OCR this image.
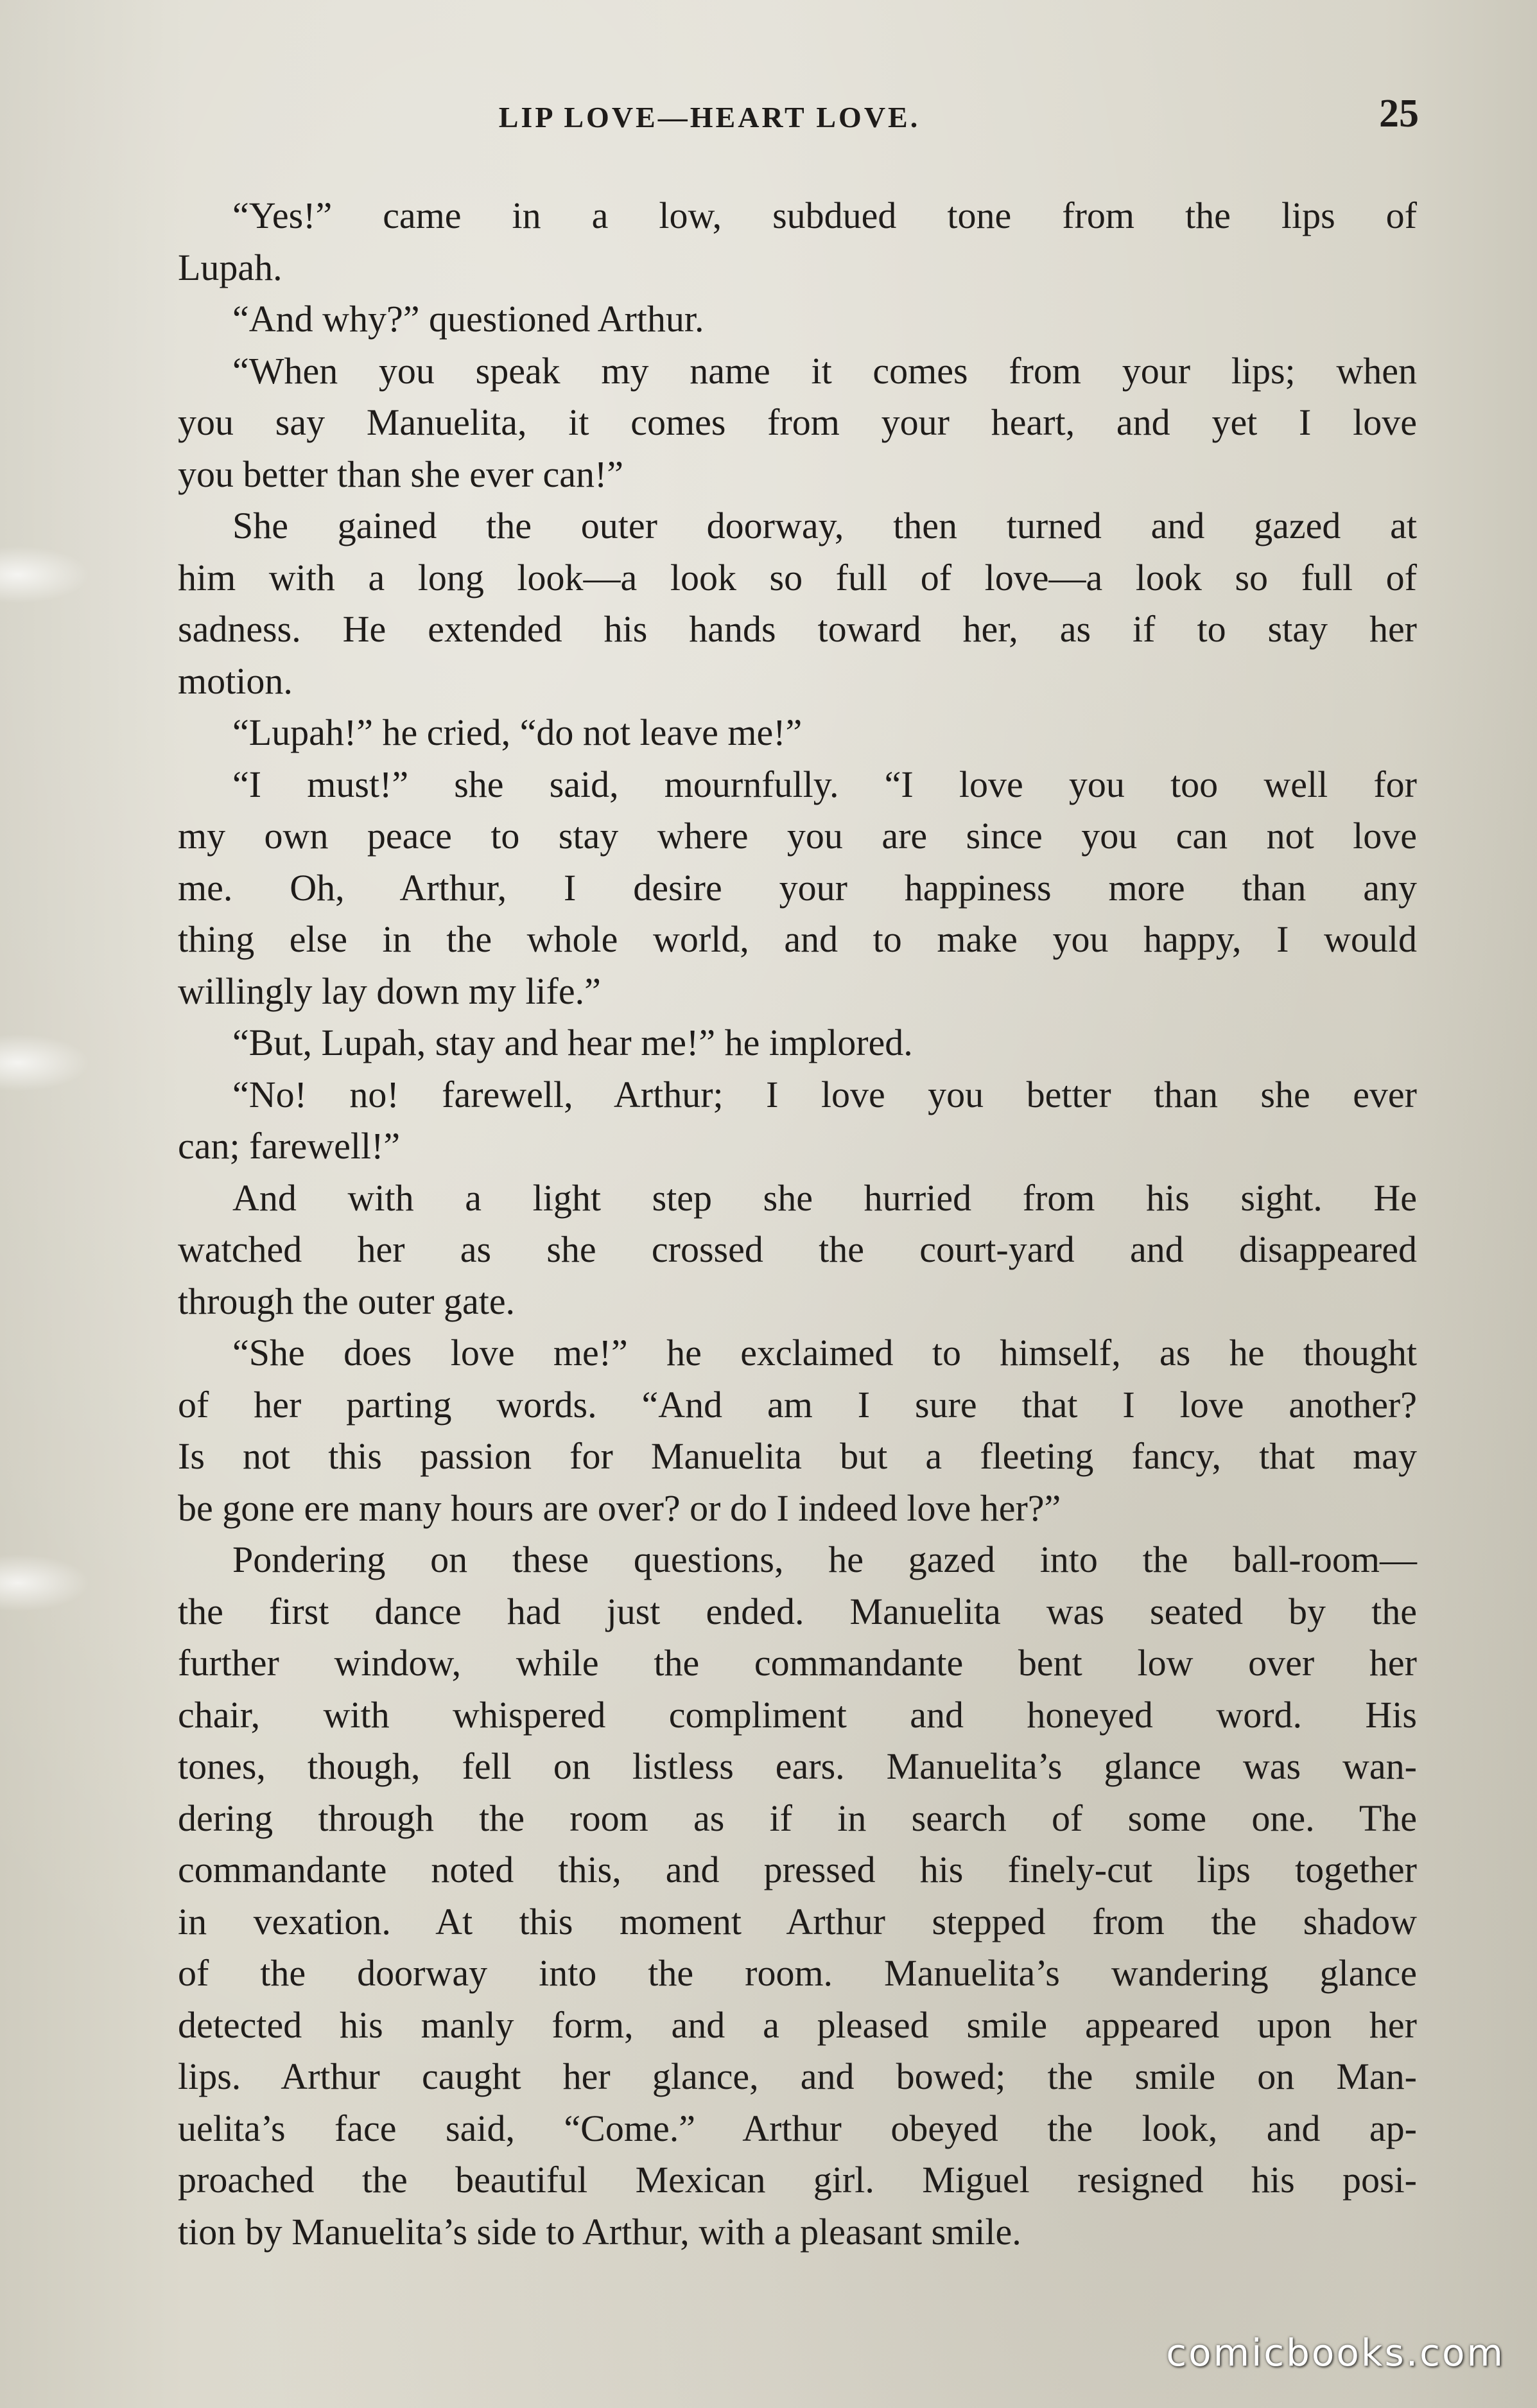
LIP LOVE—HEART LOVE.	25
“Yes!” came in a low, subdued tone from the lips of
Lupah.
“And why?” questioned Arthur.
“When you speak my name it comes from your lips; when
you say Manuelita, it comes from your heart, and yet I love
you better than she ever can!”
She gained the outer doorway, then turned and gazed at
him with a long look—a look so full of love—a look so full of
sadness. He extended his hands toward her, as if to stay her
motion.
“Lupah!” he cried, “do not leave me!”
“I must!” she said, mournfully. “I love you too well for
my own peace to stay where you are since you can not love
me. Oh, Arthur, I desire your happiness more than any
thing else in the whole world, and to make you happy, I would
willingly lay down my life.”
“But, Lupah, stay and hear me!” he implored.
“No! no! farewell, Arthur; I love you better than she ever
can; farewell!”
And with a light step she hurried from his sight. He
watched her as she crossed the court-yard and disappeared
through the outer gate.
“She does love me!” he exclaimed to himself, as he thought
of her parting words. “And am I sure that I love another?
Is not this passion for Manuelita but a fleeting fancy, that may
be gone ere many hours are over? or do I indeed love her?”
Pondering on these questions, he gazed into the ball-room—
the first dance had just ended. Manuelita was seated by the
further window, while the commandante bent low over her
chair, with whispered compliment and honeyed word. His
tones, though, fell on listless ears. Manuelita’s glance was wan-
dering through the room as if in search of some one. The
commandante noted this, and pressed his finely-cut lips together
in vexation. At this moment Arthur stepped from the shadow
of the doorway into the room. Manuelita’s wandering glance
detected his manly form, and a pleased smile appeared upon her
lips. Arthur caught her glance, and bowed; the smile on Man-
uelita’s face said, “Come.” Arthur obeyed the look, and ap-
proached the beautiful Mexican girl. Miguel resigned his posi-
tion by Manuelita’s side to Arthur, with a pleasant smile.
comicbooks.com
